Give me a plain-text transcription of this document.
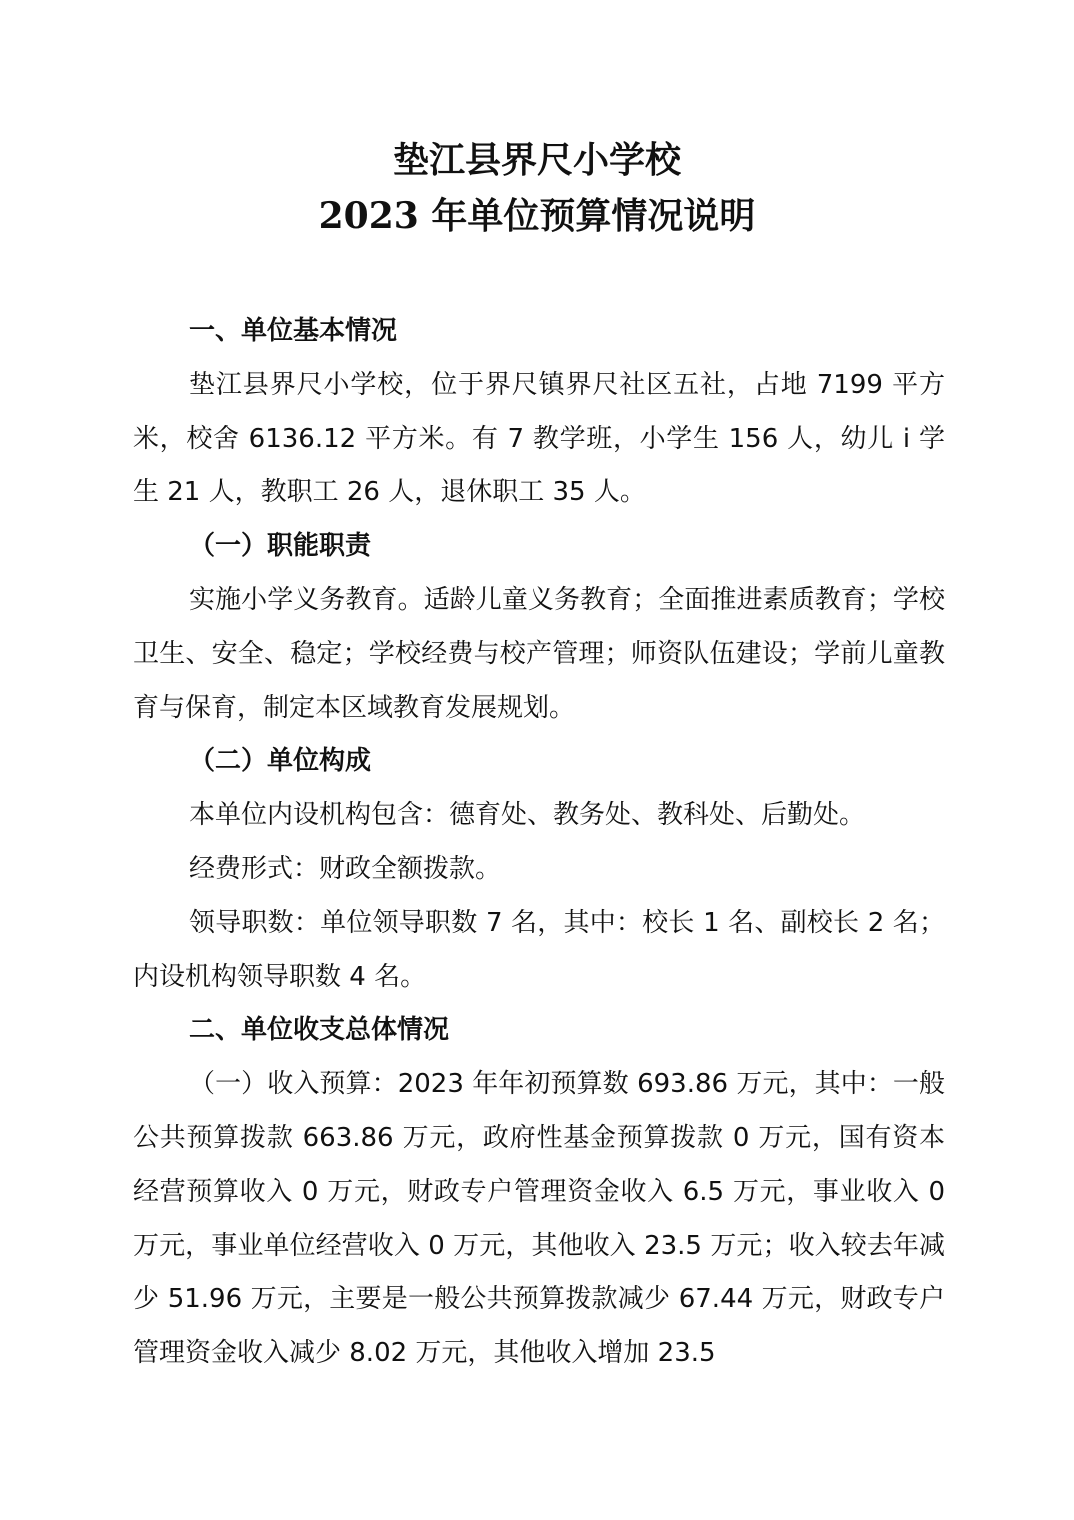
垫江县界尺小学校
2023 年单位预算情况说明

一、单位基本情况

垫江县界尺小学校，位于界尺镇界尺社区五社，占地 7199 平方米，校舍 6136.12 平方米。有 7 教学班，小学生 156 人，幼儿 i 学生 21 人，教职工 26 人，退休职工 35 人。

（一）职能职责

实施小学义务教育。适龄儿童义务教育；全面推进素质教育；学校卫生、安全、稳定；学校经费与校产管理；师资队伍建设；学前儿童教育与保育，制定本区域教育发展规划。

（二）单位构成

本单位内设机构包含：德育处、教务处、教科处、后勤处。

经费形式：财政全额拨款。

领导职数：单位领导职数 7 名，其中：校长 1 名、副校长 2 名；内设机构领导职数 4 名。

二、单位收支总体情况

（一）收入预算：2023 年年初预算数 693.86 万元，其中：一般公共预算拨款 663.86 万元，政府性基金预算拨款 0 万元，国有资本经营预算收入 0 万元，财政专户管理资金收入 6.5 万元，事业收入 0 万元，事业单位经营收入 0 万元，其他收入 23.5 万元；收入较去年减少 51.96 万元，主要是一般公共预算拨款减少 67.44 万元，财政专户管理资金收入减少 8.02 万元，其他收入增加 23.5
